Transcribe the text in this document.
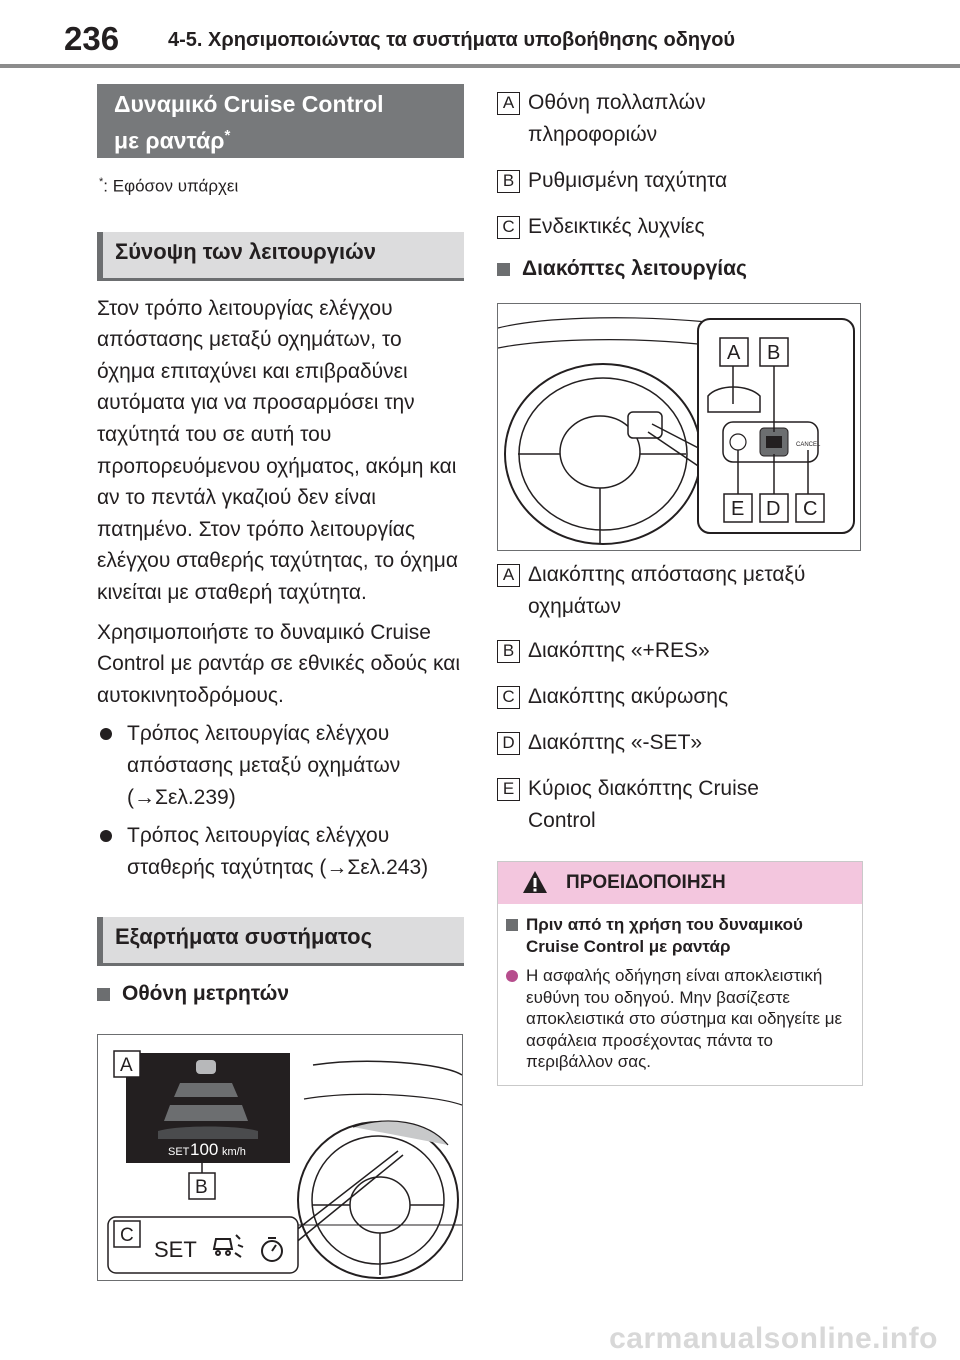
236 4-5. Χρησιμοποιώντας τα συστήματα υποβοήθησης οδηγού
Δυναμικό Cruise Control
με ραντάρ*
*: Εφόσον υπάρχει
Σύνοψη των λειτουργιών
Στον τρόπο λειτουργίας ελέγχου απόστασης μεταξύ οχημάτων, το όχημα επιταχύνει και επιβραδύνει αυτόματα για να προσαρμόσει την ταχύτητά του σε αυτή του προπορευόμενου οχήματος, ακόμη και αν το πεντάλ γκαζιού δεν είναι πατημένο. Στον τρόπο λειτουργίας ελέγχου σταθερής ταχύτητας, το όχημα κινείται με σταθερή ταχύτητα.
Χρησιμοποιήστε το δυναμικό Cruise Control με ραντάρ σε εθνικές οδούς και αυτοκινητοδρόμους.
Τρόπος λειτουργίας ελέγχου απόστασης μεταξύ οχημάτων (→Σελ.239)
Τρόπος λειτουργίας ελέγχου σταθερής ταχύτητας (→Σελ.243)
Εξαρτήματα συστήματος
Οθόνη μετρητών
SET 100 km/h
A
B
C
SET
A Οθόνη πολλαπλών πληροφοριών
B Ρυθμισμένη ταχύτητα
C Ενδεικτικές λυχνίες
Διακόπτες λειτουργίας
CANCEL
A B
E D C
A Διακόπτης απόστασης μεταξύ οχημάτων
B Διακόπτης «+RES»
C Διακόπτης ακύρωσης
D Διακόπτης «-SET»
E Κύριος διακόπτης Cruise Control
ΠΡΟΕΙΔΟΠΟΙΗΣΗ
Πριν από τη χρήση του δυναμικού Cruise Control με ραντάρ
Η ασφαλής οδήγηση είναι αποκλειστική ευθύνη του οδηγού. Μην βασίζεστε αποκλειστικά στο σύστημα και οδηγείτε με ασφάλεια προσέχοντας πάντα το περιβάλλον σας.
carmanualsonline.info
